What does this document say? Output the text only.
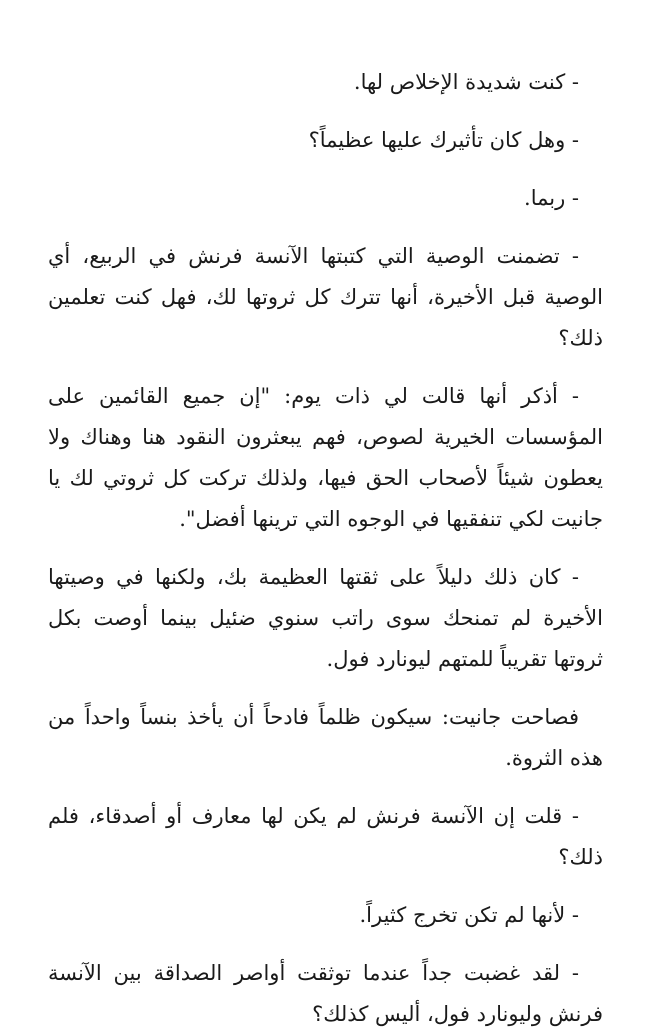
- كنت شديدة الإخلاص لها.

- وهل كان تأثيرك عليها عظيماً؟

- ربما.

- تضمنت الوصية التي كتبتها الآنسة فرنش في الربيع، أي الوصية قبل الأخيرة، أنها تترك كل ثروتها لك، فهل كنت تعلمين ذلك؟

- أذكر أنها قالت لي ذات يوم: "إن جميع القائمين على المؤسسات الخيرية لصوص، فهم يبعثرون النقود هنا وهناك ولا يعطون شيئاً لأصحاب الحق فيها، ولذلك تركت كل ثروتي لك يا جانيت لكي تنفقيها في الوجوه التي ترينها أفضل".

- كان ذلك دليلاً على ثقتها العظيمة بك، ولكنها في وصيتها الأخيرة لم تمنحك سوى راتب سنوي ضئيل بينما أوصت بكل ثروتها تقريباً للمتهم ليونارد فول.

فصاحت جانيت: سيكون ظلماً فادحاً أن يأخذ بنساً واحداً من هذه الثروة.

- قلت إن الآنسة فرنش لم يكن لها معارف أو أصدقاء، فلم ذلك؟

- لأنها لم تكن تخرج كثيراً.

- لقد غضبت جداً عندما توثقت أواصر الصداقة بين الآنسة فرنش وليونارد فول، أليس كذلك؟
